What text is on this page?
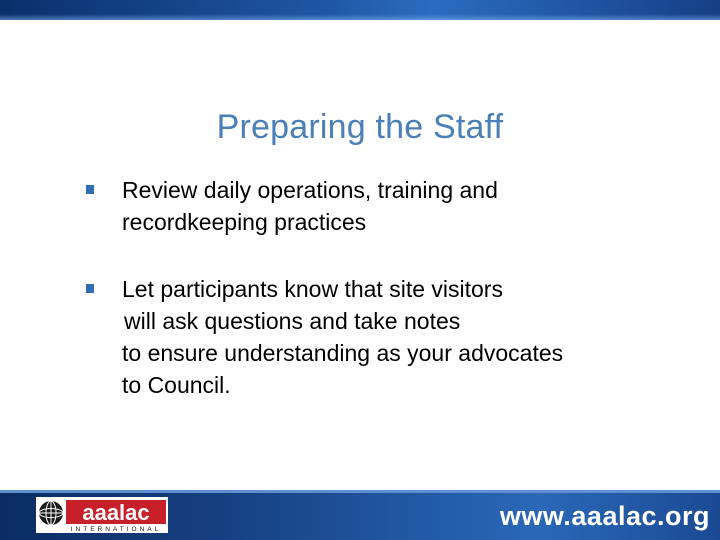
Preparing the Staff
Review daily operations, training and
recordkeeping practices
Let participants know that site visitors
will ask questions and take notes
to ensure understanding as your advocates
to Council.
aaalac
INTERNATIONAL	www.aaalac.org
